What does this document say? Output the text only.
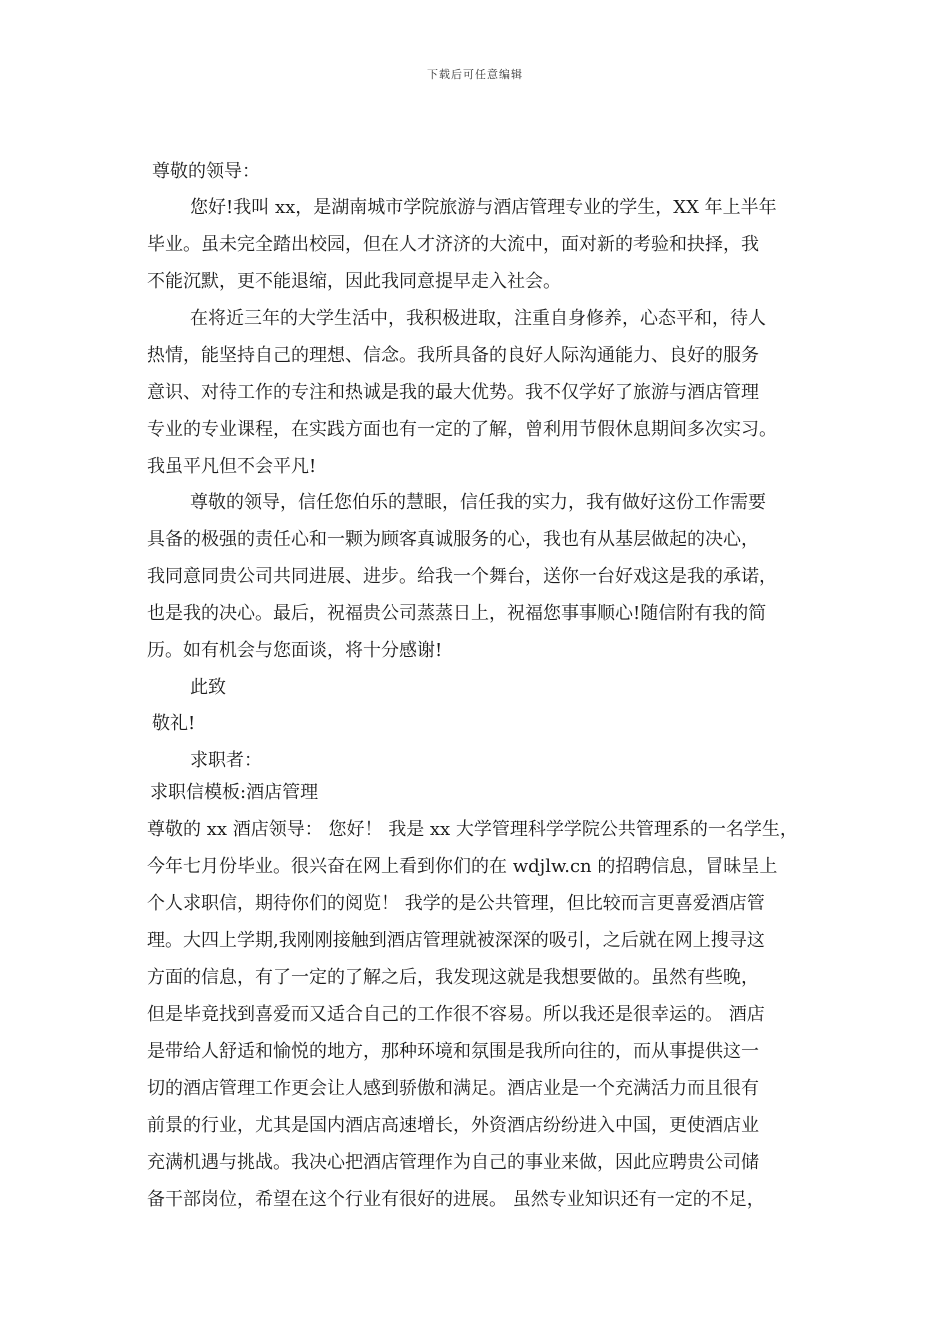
下载后可任意编辑
尊敬的领导：
您好!我叫 xx，是湖南城市学院旅游与酒店管理专业的学生，XX 年上半年
毕业。虽未完全踏出校园，但在人才济济的大流中，面对新的考验和抉择，我
不能沉默，更不能退缩，因此我同意提早走入社会。
在将近三年的大学生活中，我积极进取，注重自身修养，心态平和，待人
热情，能坚持自己的理想、信念。我所具备的良好人际沟通能力、良好的服务
意识、对待工作的专注和热诚是我的最大优势。我不仅学好了旅游与酒店管理
专业的专业课程，在实践方面也有一定的了解，曾利用节假休息期间多次实习。
我虽平凡但不会平凡!
尊敬的领导，信任您伯乐的慧眼，信任我的实力，我有做好这份工作需要
具备的极强的责任心和一颗为顾客真诚服务的心，我也有从基层做起的决心，
我同意同贵公司共同进展、进步。给我一个舞台，送你一台好戏这是我的承诺，
也是我的决心。最后，祝福贵公司蒸蒸日上，祝福您事事顺心!随信附有我的简
历。如有机会与您面谈，将十分感谢!
此致
敬礼!
求职者：
求职信模板:酒店管理
尊敬的 xx 酒店领导： 您好！ 我是 xx 大学管理科学学院公共管理系的一名学生，
今年七月份毕业。很兴奋在网上看到你们的在 wdjlw.cn 的招聘信息，冒昧呈上
个人求职信，期待你们的阅览！ 我学的是公共管理，但比较而言更喜爱酒店管
理。大四上学期,我刚刚接触到酒店管理就被深深的吸引，之后就在网上搜寻这
方面的信息，有了一定的了解之后，我发现这就是我想要做的。虽然有些晚，
但是毕竟找到喜爱而又适合自己的工作很不容易。所以我还是很幸运的。 酒店
是带给人舒适和愉悦的地方，那种环境和氛围是我所向往的，而从事提供这一
切的酒店管理工作更会让人感到骄傲和满足。酒店业是一个充满活力而且很有
前景的行业，尤其是国内酒店高速增长，外资酒店纷纷进入中国，更使酒店业
充满机遇与挑战。我决心把酒店管理作为自己的事业来做，因此应聘贵公司储
备干部岗位，希望在这个行业有很好的进展。 虽然专业知识还有一定的不足，
